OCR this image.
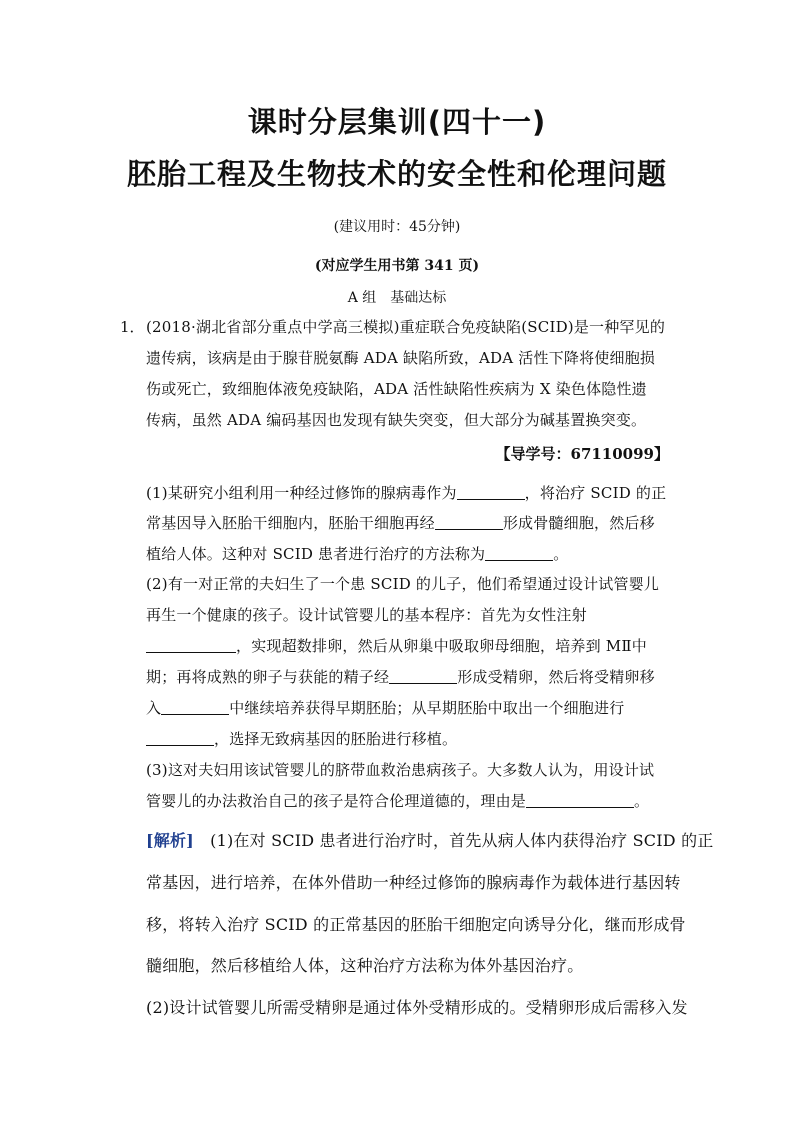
课时分层集训(四十一)
胚胎工程及生物技术的安全性和伦理问题
(建议用时：45分钟)
(对应学生用书第 341 页)
A 组　基础达标
1． (2018·湖北省部分重点中学高三模拟)重症联合免疫缺陷(SCID)是一种罕见的
遗传病，该病是由于腺苷脱氨酶 ADA 缺陷所致，ADA 活性下降将使细胞损
伤或死亡，致细胞体液免疫缺陷，ADA 活性缺陷性疾病为 X 染色体隐性遗
传病，虽然 ADA 编码基因也发现有缺失突变，但大部分为碱基置换突变。
【导学号：67110099】
(1)某研究小组利用一种经过修饰的腺病毒作为	，将治疗 SCID 的正
常基因导入胚胎干细胞内，胚胎干细胞再经	形成骨髓细胞，然后移
植给人体。这种对 SCID 患者进行治疗的方法称为	。
(2)有一对正常的夫妇生了一个患 SCID 的儿子，他们希望通过设计试管婴儿
再生一个健康的孩子。设计试管婴儿的基本程序：首先为女性注射
，实现超数排卵，然后从卵巢中吸取卵母细胞，培养到 MⅡ中
期；再将成熟的卵子与获能的精子经	形成受精卵，然后将受精卵移
入	中继续培养获得早期胚胎；从早期胚胎中取出一个细胞进行
，选择无致病基因的胚胎进行移植。
(3)这对夫妇用该试管婴儿的脐带血救治患病孩子。大多数人认为，用设计试
管婴儿的办法救治自己的孩子是符合伦理道德的，理由是	。
[解析]　(1)在对 SCID 患者进行治疗时，首先从病人体内获得治疗 SCID 的正
常基因，进行培养，在体外借助一种经过修饰的腺病毒作为载体进行基因转
移，将转入治疗 SCID 的正常基因的胚胎干细胞定向诱导分化，继而形成骨
髓细胞，然后移植给人体，这种治疗方法称为体外基因治疗。
(2)设计试管婴儿所需受精卵是通过体外受精形成的。受精卵形成后需移入发
